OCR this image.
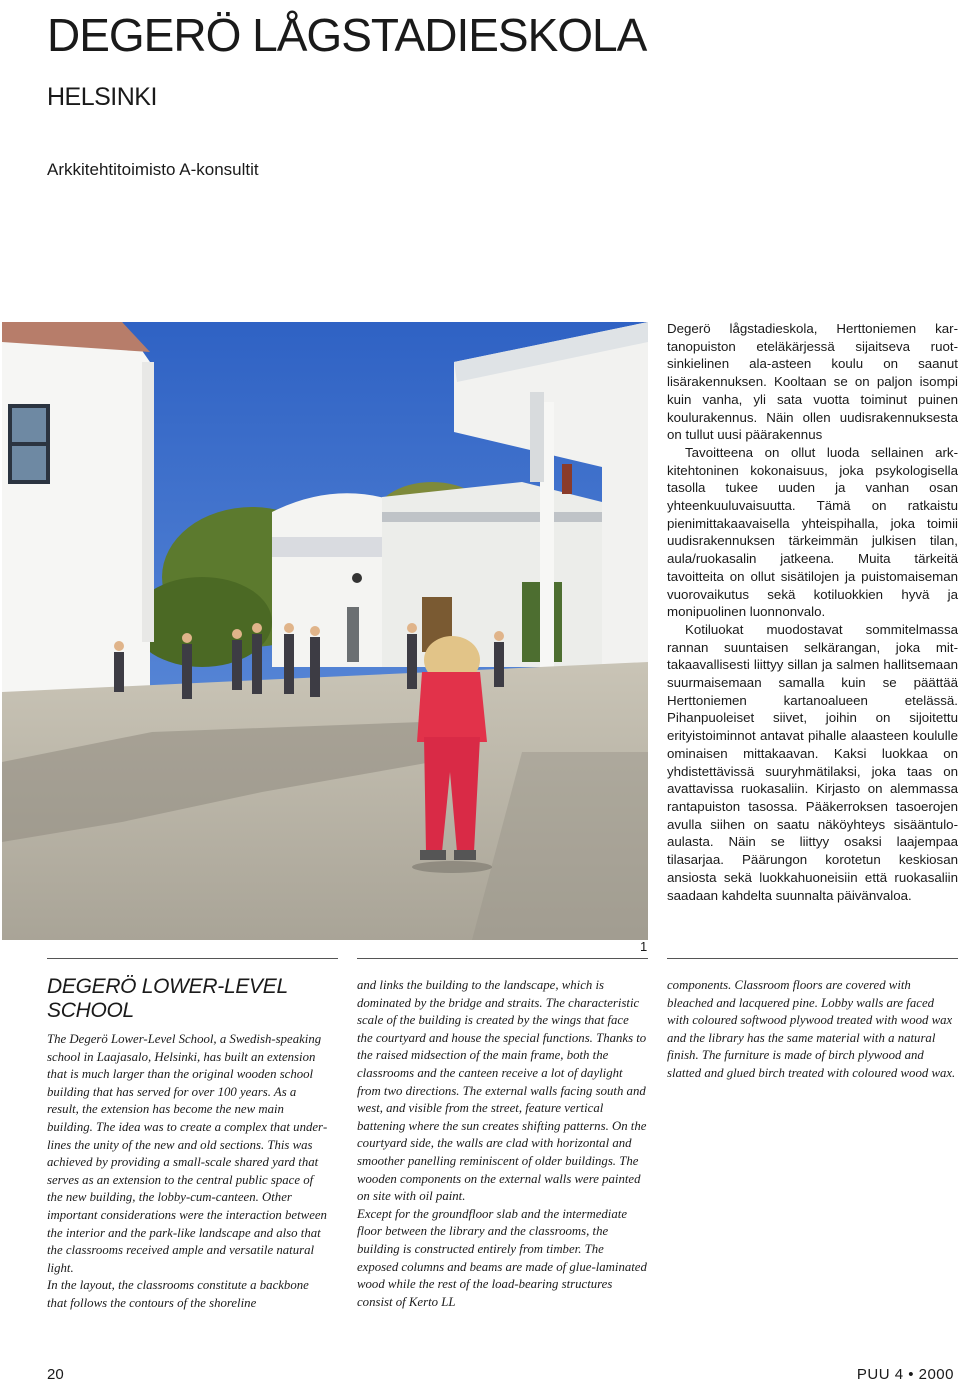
DEGERÖ LÅGSTADIESKOLA
HELSINKI
Arkkitehtitoimisto A-konsultit
1

Degerö lågstadieskola, Herttoniemen kartanopuiston eteläkärjessä sijaitseva ruotsinkielinen ala-asteen koulu on saanut lisärakennuksen. Kooltaan se on paljon isompi kuin vanha, yli sata vuotta toiminut puinen koulurakennus. Näin ollen uudisrakennuksesta on tullut uusi päärakennus

Tavoitteena on ollut luoda sellainen arkkitehtoninen kokonaisuus, joka psykologisella tasolla tukee uuden ja vanhan osan yhteenkuuluvaisuutta. Tämä on ratkaistu pienimittakaavaisella yhteispihalla, joka toimii uudisrakennuksen tärkeimmän julkisen tilan, aula/ruokasalin jatkeena. Muita tärkeitä tavoitteita on ollut sisätilojen ja puistomaiseman vuorovaikutus sekä kotiluokkien hyvä ja monipuolinen luonnonvalo.

Kotiluokat muodostavat sommitelmassa rannan suuntaisen selkärangan, joka mittakaavallisesti liittyy sillan ja salmen hallitsemaan suurmaisemaan samalla kuin se päättää Herttoniemen kartanoalueen etelässä. Pihanpuoleiset siivet, joihin on sijoitettu erityistoiminnot antavat pihalle alaasteen koululle ominaisen mittakaavan. Kaksi luokkaa on yhdistettävissä suuryhmätilaksi, joka taas on avattavissa ruokasaliin. Kirjasto on alemmassa rantapuiston tasossa. Pääkerroksen tasoerojen avulla siihen on saatu näköyhteys sisääntuloaulasta. Näin se liittyy osaksi laajempaa tilasarjaa. Päärungon korotetun keskiosan ansiosta sekä luokkahuoneisiin että ruokasaliin saadaan kahdelta suunnalta päivänvaloa.

DEGERÖ LOWER-LEVEL SCHOOL

The Degerö Lower-Level School, a Swedish-speaking school in Laajasalo, Helsinki, has built an extension that is much larger than the original wooden school building that has served for over 100 years. As a result, the extension has become the new main building. The idea was to create a complex that underlines the unity of the new and old sections. This was achieved by providing a small-scale shared yard that serves as an extension to the central public space of the new building, the lobby-cum-canteen. Other important considerations were the interaction between the interior and the park-like landscape and also that the classrooms received ample and versatile natural light.

In the layout, the classrooms constitute a backbone that follows the contours of the shoreline

and links the building to the landscape, which is dominated by the bridge and straits. The characteristic scale of the building is created by the wings that face the courtyard and house the special functions. Thanks to the raised midsection of the main frame, both the classrooms and the canteen receive a lot of daylight from two directions. The external walls facing south and west, and visible from the street, feature vertical battening where the sun creates shifting patterns. On the courtyard side, the walls are clad with horizontal and smoother panelling reminiscent of older buildings. The wooden components on the external walls were painted on site with oil paint.

Except for the groundfloor slab and the intermediate floor between the library and the classrooms, the building is constructed entirely from timber. The exposed columns and beams are made of glue-laminated wood while the rest of the load-bearing structures consist of Kerto LL

components. Classroom floors are covered with bleached and lacquered pine. Lobby walls are faced with coloured softwood plywood treated with wood wax and the library has the same material with a natural finish. The furniture is made of birch plywood and slatted and glued birch treated with coloured wood wax.

20	PUU 4 • 2000
